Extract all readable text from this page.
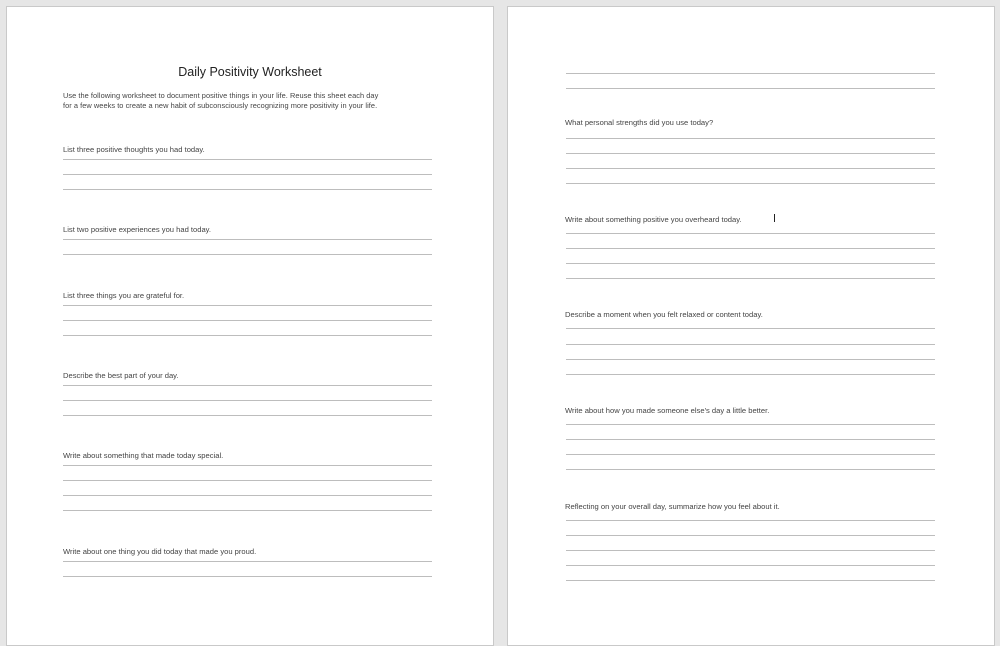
Daily Positivity Worksheet
Use the following worksheet to document positive things in your life. Reuse this sheet each day
for a few weeks to create a new habit of subconsciously recognizing more positivity in your life.
List three positive thoughts you had today.
List two positive experiences you had today.
List three things you are grateful for.
Describe the best part of your day.
Write about something that made today special.
Write about one thing you did today that made you proud.
What personal strengths did you use today?
Write about something positive you overheard today.
Describe a moment when you felt relaxed or content today.
Write about how you made someone else's day a little better.
Reflecting on your overall day, summarize how you feel about it.
